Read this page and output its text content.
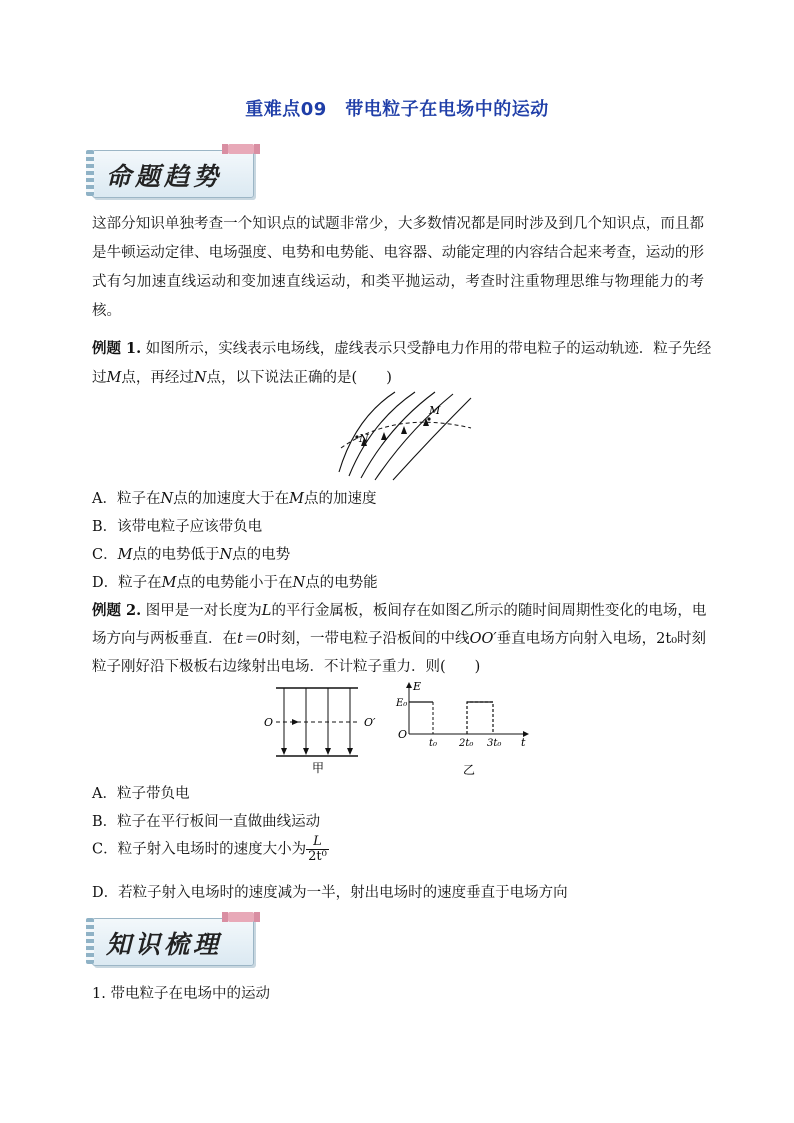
重难点09　带电粒子在电场中的运动
命题趋势
这部分知识单独考查一个知识点的试题非常少，大多数情况都是同时涉及到几个知识点，而且都是牛顿运动定律、电场强度、电势和电势能、电容器、动能定理的内容结合起来考查，运动的形式有匀加速直线运动和变加速直线运动，和类平抛运动，考查时注重物理思维与物理能力的考核。
例题 1. 如图所示，实线表示电场线，虚线表示只受静电力作用的带电粒子的运动轨迹．粒子先经
过M点，再经过N点，以下说法正确的是(　　)
N
M
A．粒子在N点的加速度大于在M点的加速度
B．该带电粒子应该带负电
C．M点的电势低于N点的电势
D．粒子在M点的电势能小于在N点的电势能
例题 2. 图甲是一对长度为L的平行金属板，板间存在如图乙所示的随时间周期性变化的电场，电
场方向与两板垂直．在t＝0时刻，一带电粒子沿板间的中线OO′垂直电场方向射入电场，2t₀时刻
粒子刚好沿下极板右边缘射出电场．不计粒子重力．则(　　)
O	O′
甲
E
E₀
O
t₀ 2t₀ 3t₀ t
乙
A．粒子带负电
B．粒子在平行板间一直做曲线运动
C．粒子射入电场时的速度大小为 $\frac{L}{\text{2t⁰}}$
D．若粒子射入电场时的速度减为一半，射出电场时的速度垂直于电场方向
知识梳理
1. 带电粒子在电场中的运动
